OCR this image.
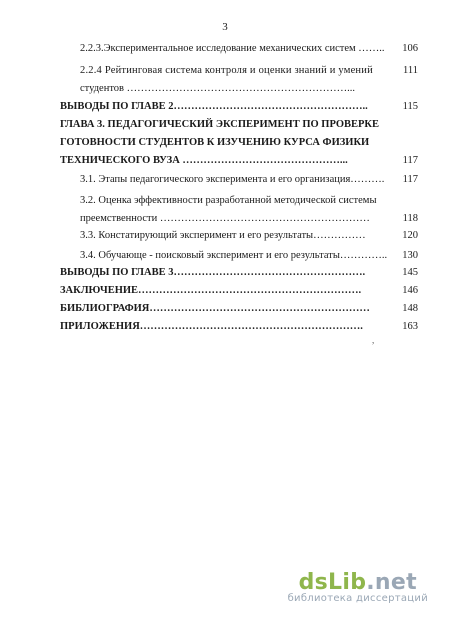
3
2.2.3.Экспериментальное исследование механических систем ……..	106
2.2.4 Рейтинговая система контроля и оценки знаний и умений	111
студентов ………………………………………………………...
ВЫВОДЫ ПО ГЛАВЕ 2………………………………………………..	115
ГЛАВА 3. ПЕДАГОГИЧЕСКИЙ ЭКСПЕРИМЕНТ ПО ПРОВЕРКЕ
ГОТОВНОСТИ СТУДЕНТОВ К ИЗУЧЕНИЮ КУРСА ФИЗИКИ
ТЕХНИЧЕСКОГО ВУЗА ………………………………………...	117
3.1. Этапы педагогического эксперимента и его организация……….	117
3.2. Оценка эффективности разработанной методической системы
преемственности ……………………………………………………	118
3.3. Констатирующий эксперимент и его результаты……………	120
3.4. Обучающе - поисковый эксперимент и его результаты…………..	130
ВЫВОДЫ ПО ГЛАВЕ 3……………………………………………….	145
ЗАКЛЮЧЕНИЕ……………………………………………………….	146
БИБЛИОГРАФИЯ………………………………………………………	148
ПРИЛОЖЕНИЯ……………………………………………………….	163
,
dsLib.net
библиотека диссертаций
